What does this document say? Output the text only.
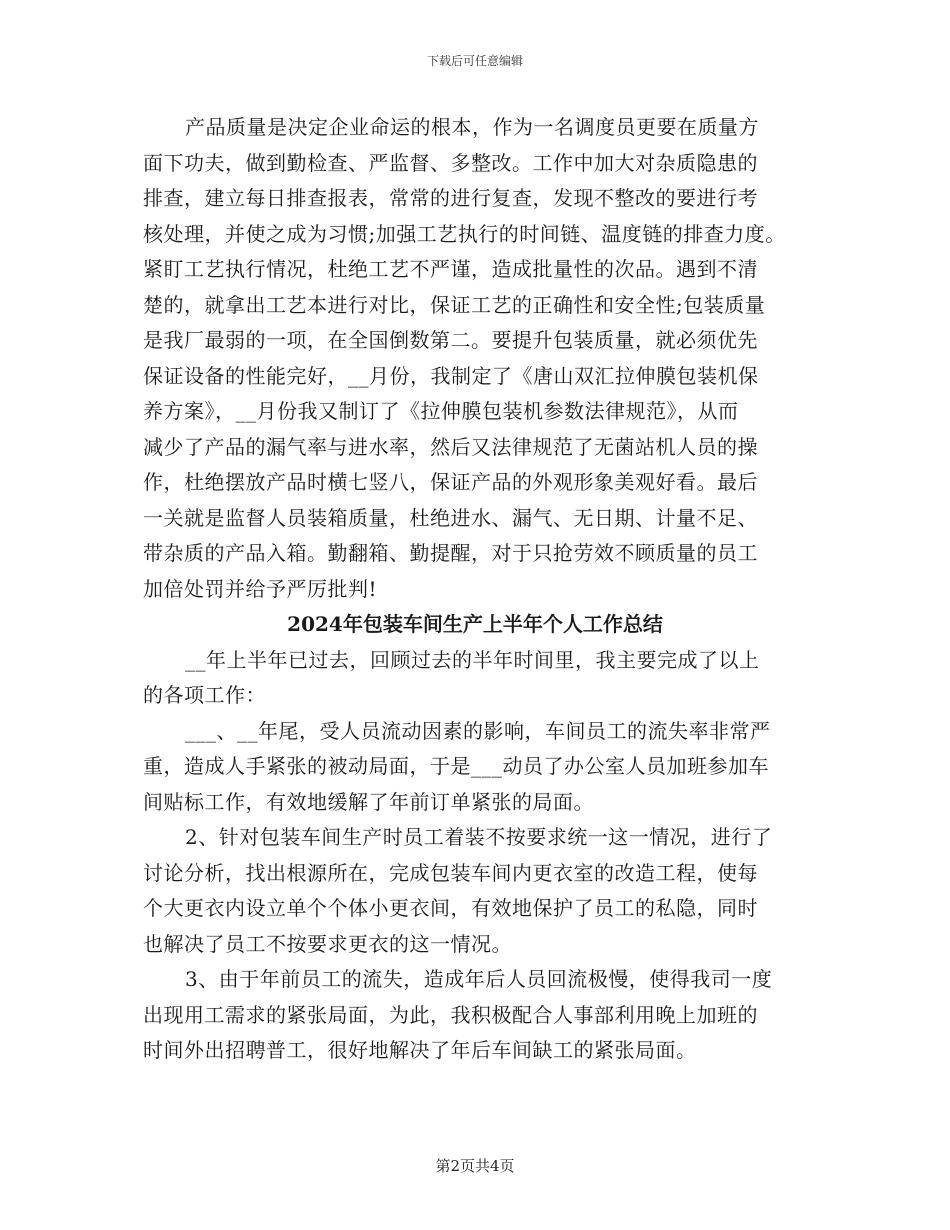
下载后可任意编辑
产品质量是决定企业命运的根本，作为一名调度员更要在质量方
面下功夫，做到勤检查、严监督、多整改。工作中加大对杂质隐患的
排查，建立每日排查报表，常常的进行复查，发现不整改的要进行考
核处理，并使之成为习惯;加强工艺执行的时间链、温度链的排查力度。
紧盯工艺执行情况，杜绝工艺不严谨，造成批量性的次品。遇到不清
楚的，就拿出工艺本进行对比，保证工艺的正确性和安全性;包装质量
是我厂最弱的一项，在全国倒数第二。要提升包装质量，就必须优先
保证设备的性能完好，__月份，我制定了《唐山双汇拉伸膜包装机保
养方案》，__月份我又制订了《拉伸膜包装机参数法律规范》，从而
减少了产品的漏气率与进水率，然后又法律规范了无菌站机人员的操
作，杜绝摆放产品时横七竖八，保证产品的外观形象美观好看。最后
一关就是监督人员装箱质量，杜绝进水、漏气、无日期、计量不足、
带杂质的产品入箱。勤翻箱、勤提醒，对于只抢劳效不顾质量的员工
加倍处罚并给予严厉批判!
2024年包装车间生产上半年个人工作总结
__年上半年已过去，回顾过去的半年时间里，我主要完成了以上
的各项工作：
___、__年尾，受人员流动因素的影响，车间员工的流失率非常严
重，造成人手紧张的被动局面，于是___动员了办公室人员加班参加车
间贴标工作，有效地缓解了年前订单紧张的局面。
2、针对包装车间生产时员工着装不按要求统一这一情况，进行了
讨论分析，找出根源所在，完成包装车间内更衣室的改造工程，使每
个大更衣内设立单个个体小更衣间，有效地保护了员工的私隐，同时
也解决了员工不按要求更衣的这一情况。
3、由于年前员工的流失，造成年后人员回流极慢，使得我司一度
出现用工需求的紧张局面，为此，我积极配合人事部利用晚上加班的
时间外出招聘普工，很好地解决了年后车间缺工的紧张局面。
第2页共4页
